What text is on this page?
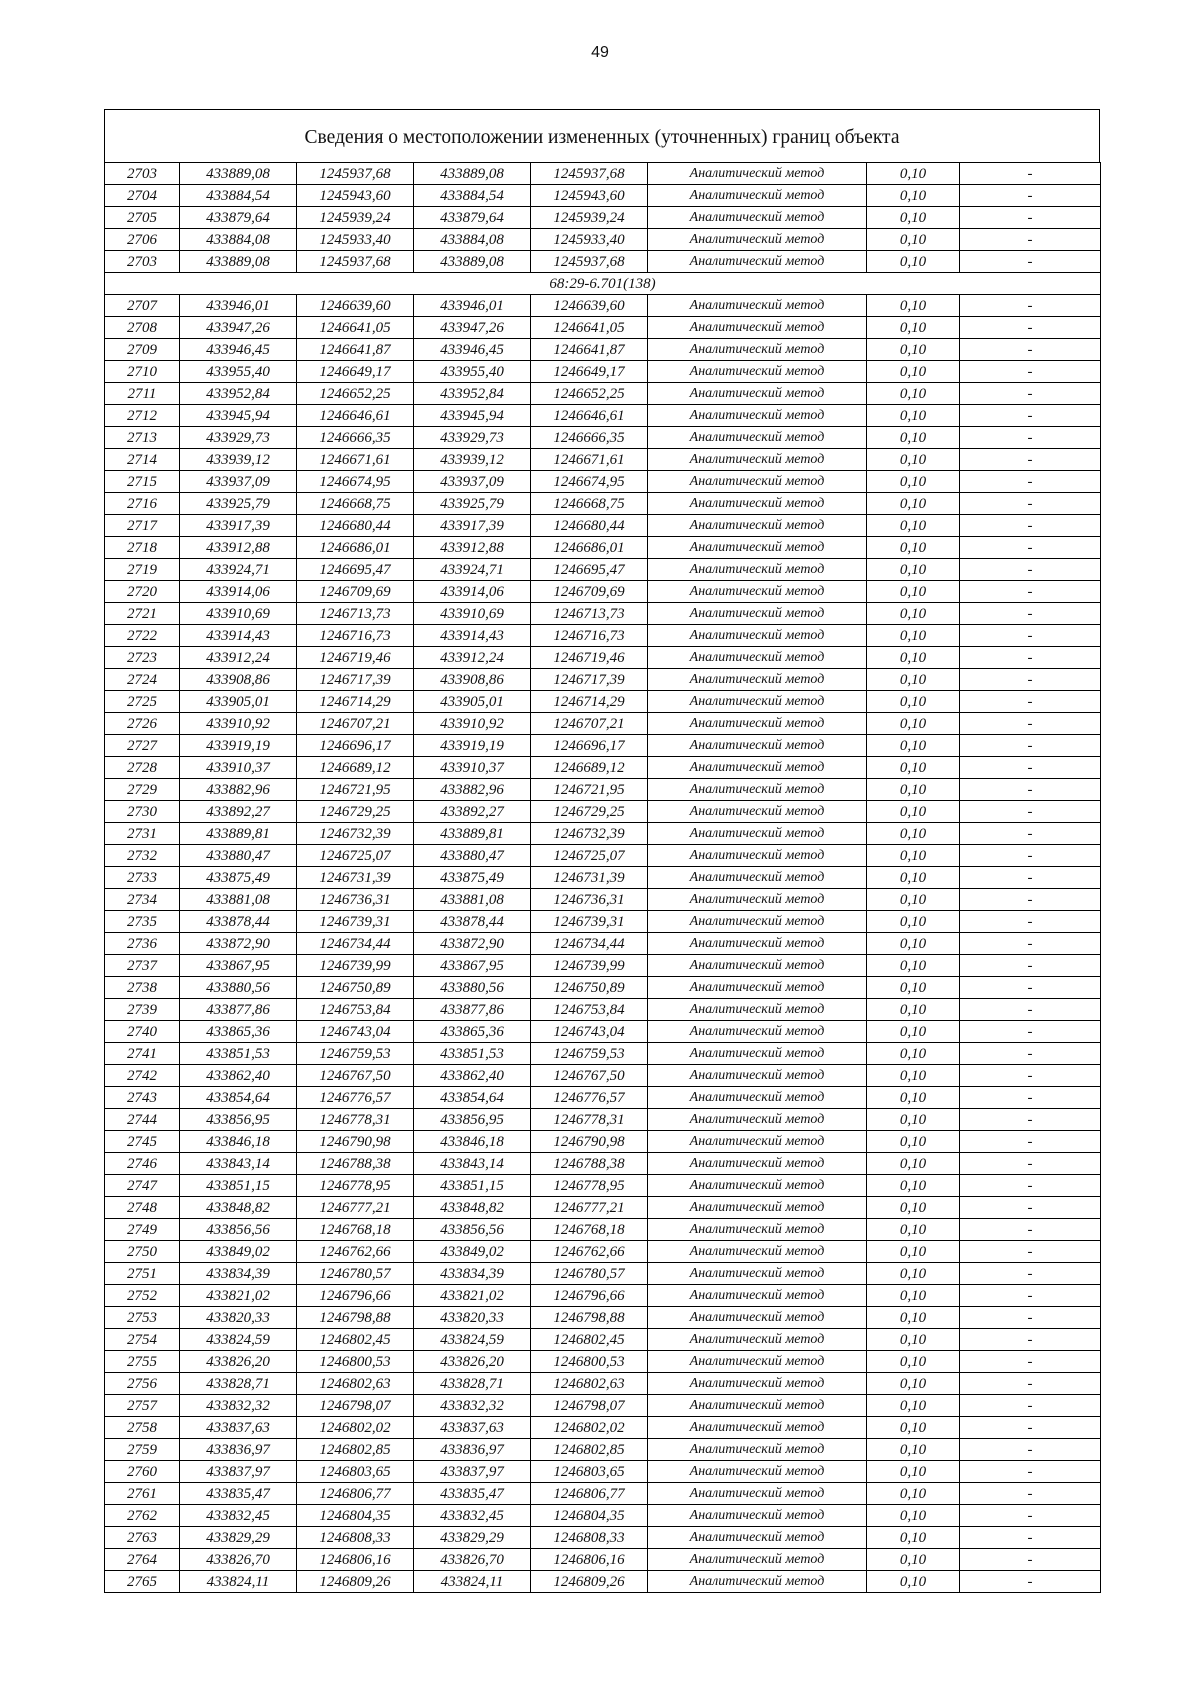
49
Сведения о местоположении измененных (уточненных) границ объекта
2703	433889,08	1245937,68	433889,08	1245937,68	Аналитический метод	0,10	-
2704	433884,54	1245943,60	433884,54	1245943,60	Аналитический метод	0,10	-
2705	433879,64	1245939,24	433879,64	1245939,24	Аналитический метод	0,10	-
2706	433884,08	1245933,40	433884,08	1245933,40	Аналитический метод	0,10	-
2703	433889,08	1245937,68	433889,08	1245937,68	Аналитический метод	0,10	-
68:29-6.701(138)							
2707	433946,01	1246639,60	433946,01	1246639,60	Аналитический метод	0,10	-
2708	433947,26	1246641,05	433947,26	1246641,05	Аналитический метод	0,10	-
2709	433946,45	1246641,87	433946,45	1246641,87	Аналитический метод	0,10	-
2710	433955,40	1246649,17	433955,40	1246649,17	Аналитический метод	0,10	-
2711	433952,84	1246652,25	433952,84	1246652,25	Аналитический метод	0,10	-
2712	433945,94	1246646,61	433945,94	1246646,61	Аналитический метод	0,10	-
2713	433929,73	1246666,35	433929,73	1246666,35	Аналитический метод	0,10	-
2714	433939,12	1246671,61	433939,12	1246671,61	Аналитический метод	0,10	-
2715	433937,09	1246674,95	433937,09	1246674,95	Аналитический метод	0,10	-
2716	433925,79	1246668,75	433925,79	1246668,75	Аналитический метод	0,10	-
2717	433917,39	1246680,44	433917,39	1246680,44	Аналитический метод	0,10	-
2718	433912,88	1246686,01	433912,88	1246686,01	Аналитический метод	0,10	-
2719	433924,71	1246695,47	433924,71	1246695,47	Аналитический метод	0,10	-
2720	433914,06	1246709,69	433914,06	1246709,69	Аналитический метод	0,10	-
2721	433910,69	1246713,73	433910,69	1246713,73	Аналитический метод	0,10	-
2722	433914,43	1246716,73	433914,43	1246716,73	Аналитический метод	0,10	-
2723	433912,24	1246719,46	433912,24	1246719,46	Аналитический метод	0,10	-
2724	433908,86	1246717,39	433908,86	1246717,39	Аналитический метод	0,10	-
2725	433905,01	1246714,29	433905,01	1246714,29	Аналитический метод	0,10	-
2726	433910,92	1246707,21	433910,92	1246707,21	Аналитический метод	0,10	-
2727	433919,19	1246696,17	433919,19	1246696,17	Аналитический метод	0,10	-
2728	433910,37	1246689,12	433910,37	1246689,12	Аналитический метод	0,10	-
2729	433882,96	1246721,95	433882,96	1246721,95	Аналитический метод	0,10	-
2730	433892,27	1246729,25	433892,27	1246729,25	Аналитический метод	0,10	-
2731	433889,81	1246732,39	433889,81	1246732,39	Аналитический метод	0,10	-
2732	433880,47	1246725,07	433880,47	1246725,07	Аналитический метод	0,10	-
2733	433875,49	1246731,39	433875,49	1246731,39	Аналитический метод	0,10	-
2734	433881,08	1246736,31	433881,08	1246736,31	Аналитический метод	0,10	-
2735	433878,44	1246739,31	433878,44	1246739,31	Аналитический метод	0,10	-
2736	433872,90	1246734,44	433872,90	1246734,44	Аналитический метод	0,10	-
2737	433867,95	1246739,99	433867,95	1246739,99	Аналитический метод	0,10	-
2738	433880,56	1246750,89	433880,56	1246750,89	Аналитический метод	0,10	-
2739	433877,86	1246753,84	433877,86	1246753,84	Аналитический метод	0,10	-
2740	433865,36	1246743,04	433865,36	1246743,04	Аналитический метод	0,10	-
2741	433851,53	1246759,53	433851,53	1246759,53	Аналитический метод	0,10	-
2742	433862,40	1246767,50	433862,40	1246767,50	Аналитический метод	0,10	-
2743	433854,64	1246776,57	433854,64	1246776,57	Аналитический метод	0,10	-
2744	433856,95	1246778,31	433856,95	1246778,31	Аналитический метод	0,10	-
2745	433846,18	1246790,98	433846,18	1246790,98	Аналитический метод	0,10	-
2746	433843,14	1246788,38	433843,14	1246788,38	Аналитический метод	0,10	-
2747	433851,15	1246778,95	433851,15	1246778,95	Аналитический метод	0,10	-
2748	433848,82	1246777,21	433848,82	1246777,21	Аналитический метод	0,10	-
2749	433856,56	1246768,18	433856,56	1246768,18	Аналитический метод	0,10	-
2750	433849,02	1246762,66	433849,02	1246762,66	Аналитический метод	0,10	-
2751	433834,39	1246780,57	433834,39	1246780,57	Аналитический метод	0,10	-
2752	433821,02	1246796,66	433821,02	1246796,66	Аналитический метод	0,10	-
2753	433820,33	1246798,88	433820,33	1246798,88	Аналитический метод	0,10	-
2754	433824,59	1246802,45	433824,59	1246802,45	Аналитический метод	0,10	-
2755	433826,20	1246800,53	433826,20	1246800,53	Аналитический метод	0,10	-
2756	433828,71	1246802,63	433828,71	1246802,63	Аналитический метод	0,10	-
2757	433832,32	1246798,07	433832,32	1246798,07	Аналитический метод	0,10	-
2758	433837,63	1246802,02	433837,63	1246802,02	Аналитический метод	0,10	-
2759	433836,97	1246802,85	433836,97	1246802,85	Аналитический метод	0,10	-
2760	433837,97	1246803,65	433837,97	1246803,65	Аналитический метод	0,10	-
2761	433835,47	1246806,77	433835,47	1246806,77	Аналитический метод	0,10	-
2762	433832,45	1246804,35	433832,45	1246804,35	Аналитический метод	0,10	-
2763	433829,29	1246808,33	433829,29	1246808,33	Аналитический метод	0,10	-
2764	433826,70	1246806,16	433826,70	1246806,16	Аналитический метод	0,10	-
2765	433824,11	1246809,26	433824,11	1246809,26	Аналитический метод	0,10	-
